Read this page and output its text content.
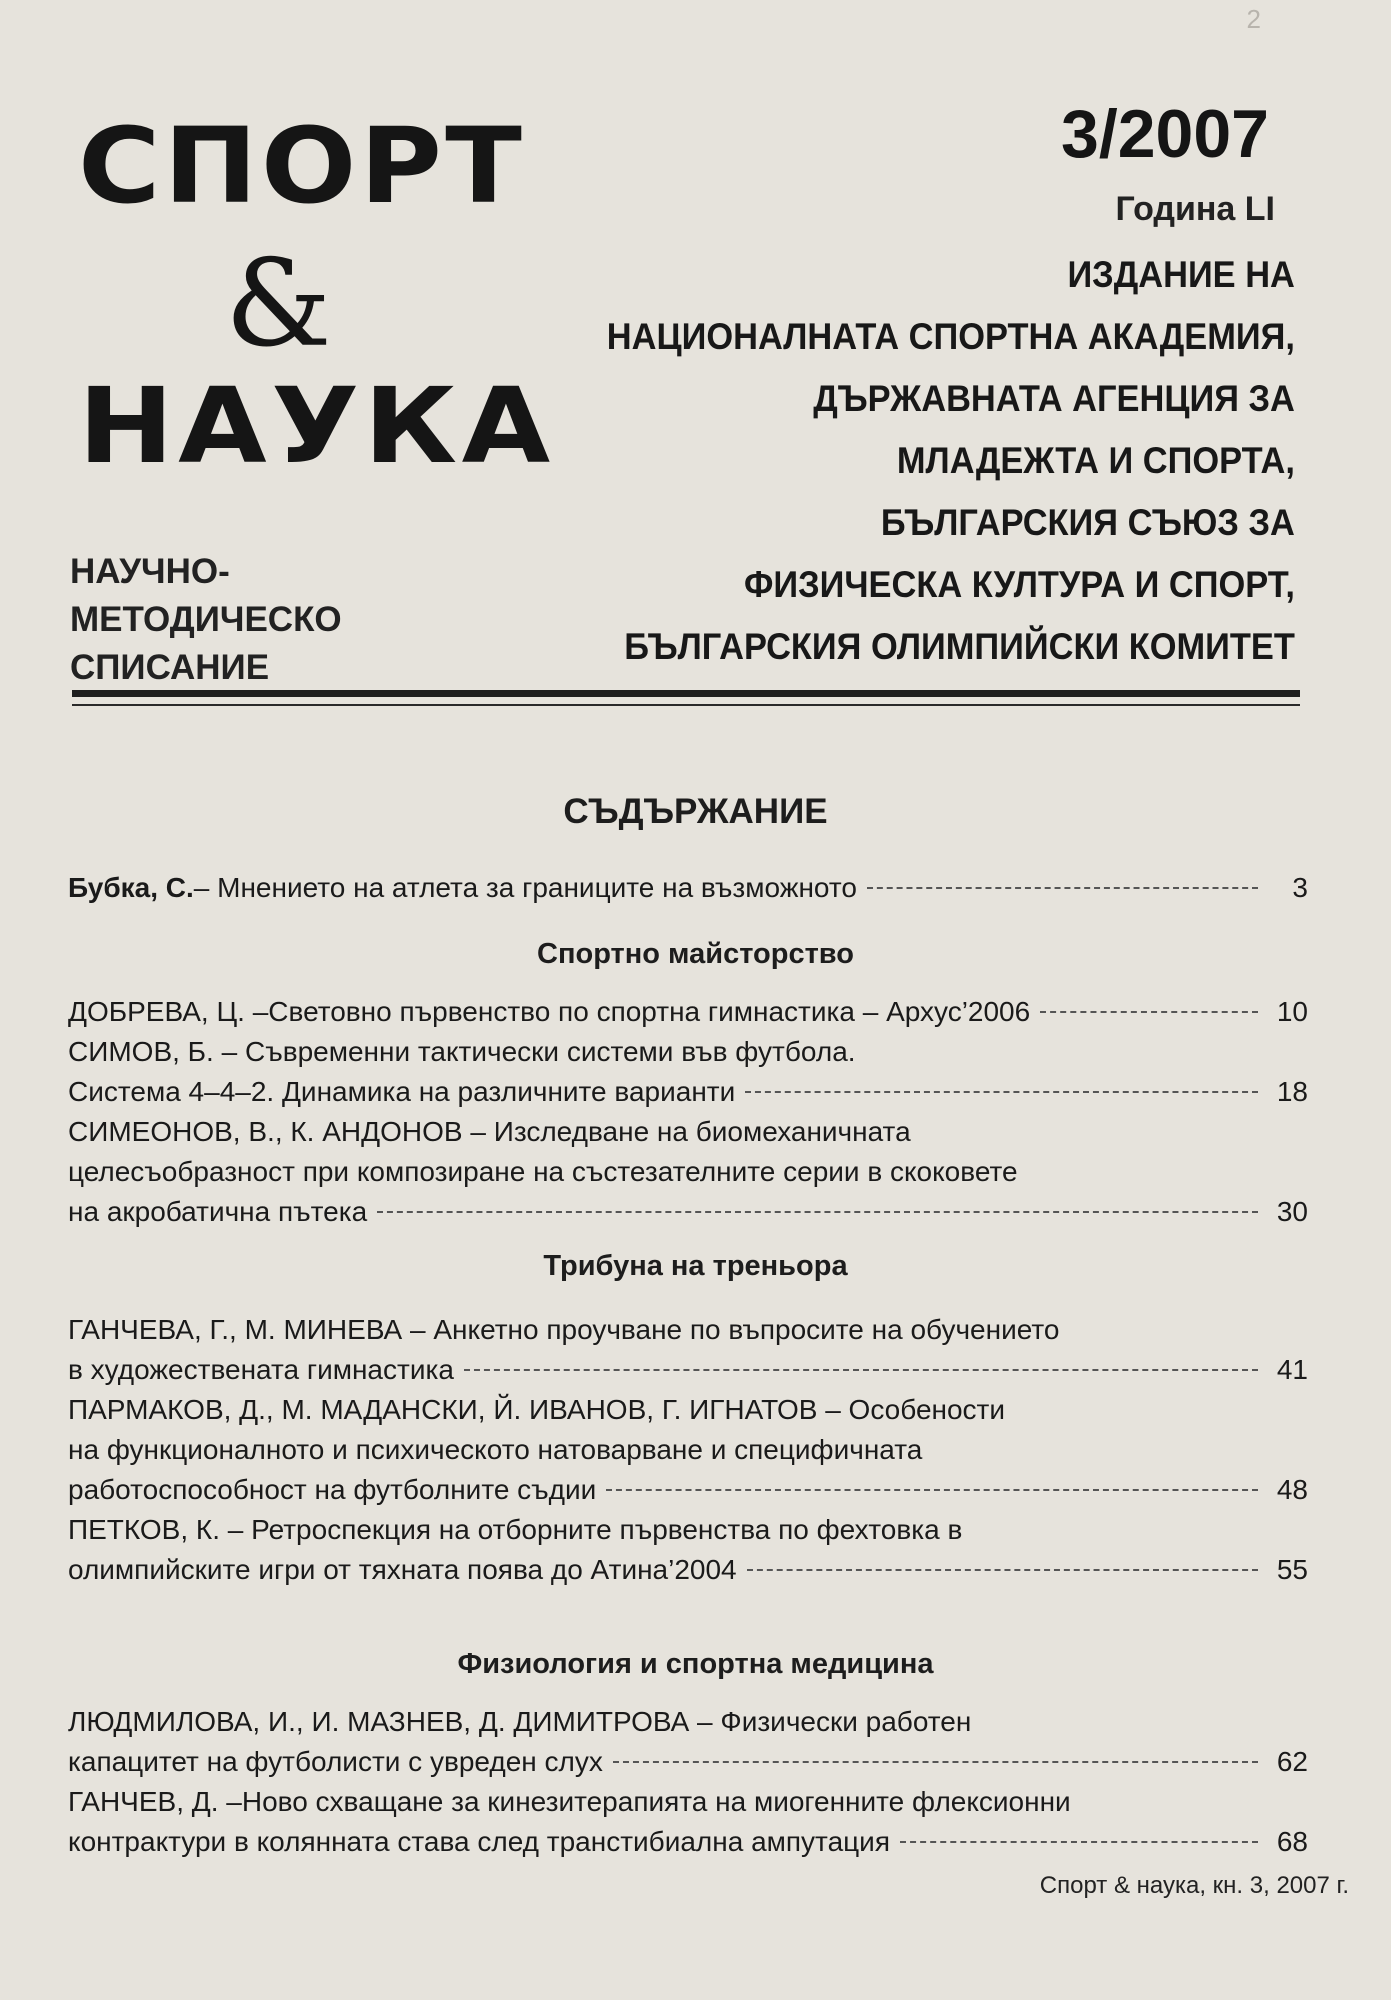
2
СПОРТ
&
НАУКА
НАУЧНО-
МЕТОДИЧЕСКО
СПИСАНИЕ
3/2007
Година LI
ИЗДАНИЕ НА
НАЦИОНАЛНАТА СПОРТНА АКАДЕМИЯ,
ДЪРЖАВНАТА АГЕНЦИЯ ЗА
МЛАДЕЖТА И СПОРТА,
БЪЛГАРСКИЯ СЪЮЗ ЗА
ФИЗИЧЕСКА КУЛТУРА И СПОРТ,
БЪЛГАРСКИЯ ОЛИМПИЙСКИ КОМИТЕТ
СЪДЪРЖАНИЕ
Бубка, С. – Мнението на атлета за границите на възможното	3
Спортно майсторство
ДОБРЕВА, Ц. –Световно първенство по спортна гимнастика – Архус’2006	10
СИМОВ, Б. – Съвременни тактически системи във футбола.
Система 4–4–2. Динамика на различните варианти	18
СИМЕОНОВ, В., К. АНДОНОВ – Изследване на биомеханичната
целесъобразност при композиране на състезателните серии в скоковете
на акробатична пътека	30
Трибуна на треньора
ГАНЧЕВА, Г., М. МИНЕВА – Анкетно проучване по въпросите на обучението
в художествената гимнастика	41
ПАРМАКОВ, Д., М. МАДАНСКИ, Й. ИВАНОВ, Г. ИГНАТОВ – Особености
на функционалното и психическото натоварване и специфичната
работоспособност на футболните съдии	48
ПЕТКОВ, К. – Ретроспекция на отборните първенства по фехтовка в
олимпийските игри от тяхната поява до Атина’2004	55
Физиология и спортна медицина
ЛЮДМИЛОВА, И., И. МАЗНЕВ, Д. ДИМИТРОВА – Физически работен
капацитет на футболисти с увреден слух	62
ГАНЧЕВ, Д. –Ново схващане за кинезитерапията на миогенните флексионни
контрактури в колянната става след транстибиална ампутация	68
Спорт & наука, кн. 3, 2007 г.
